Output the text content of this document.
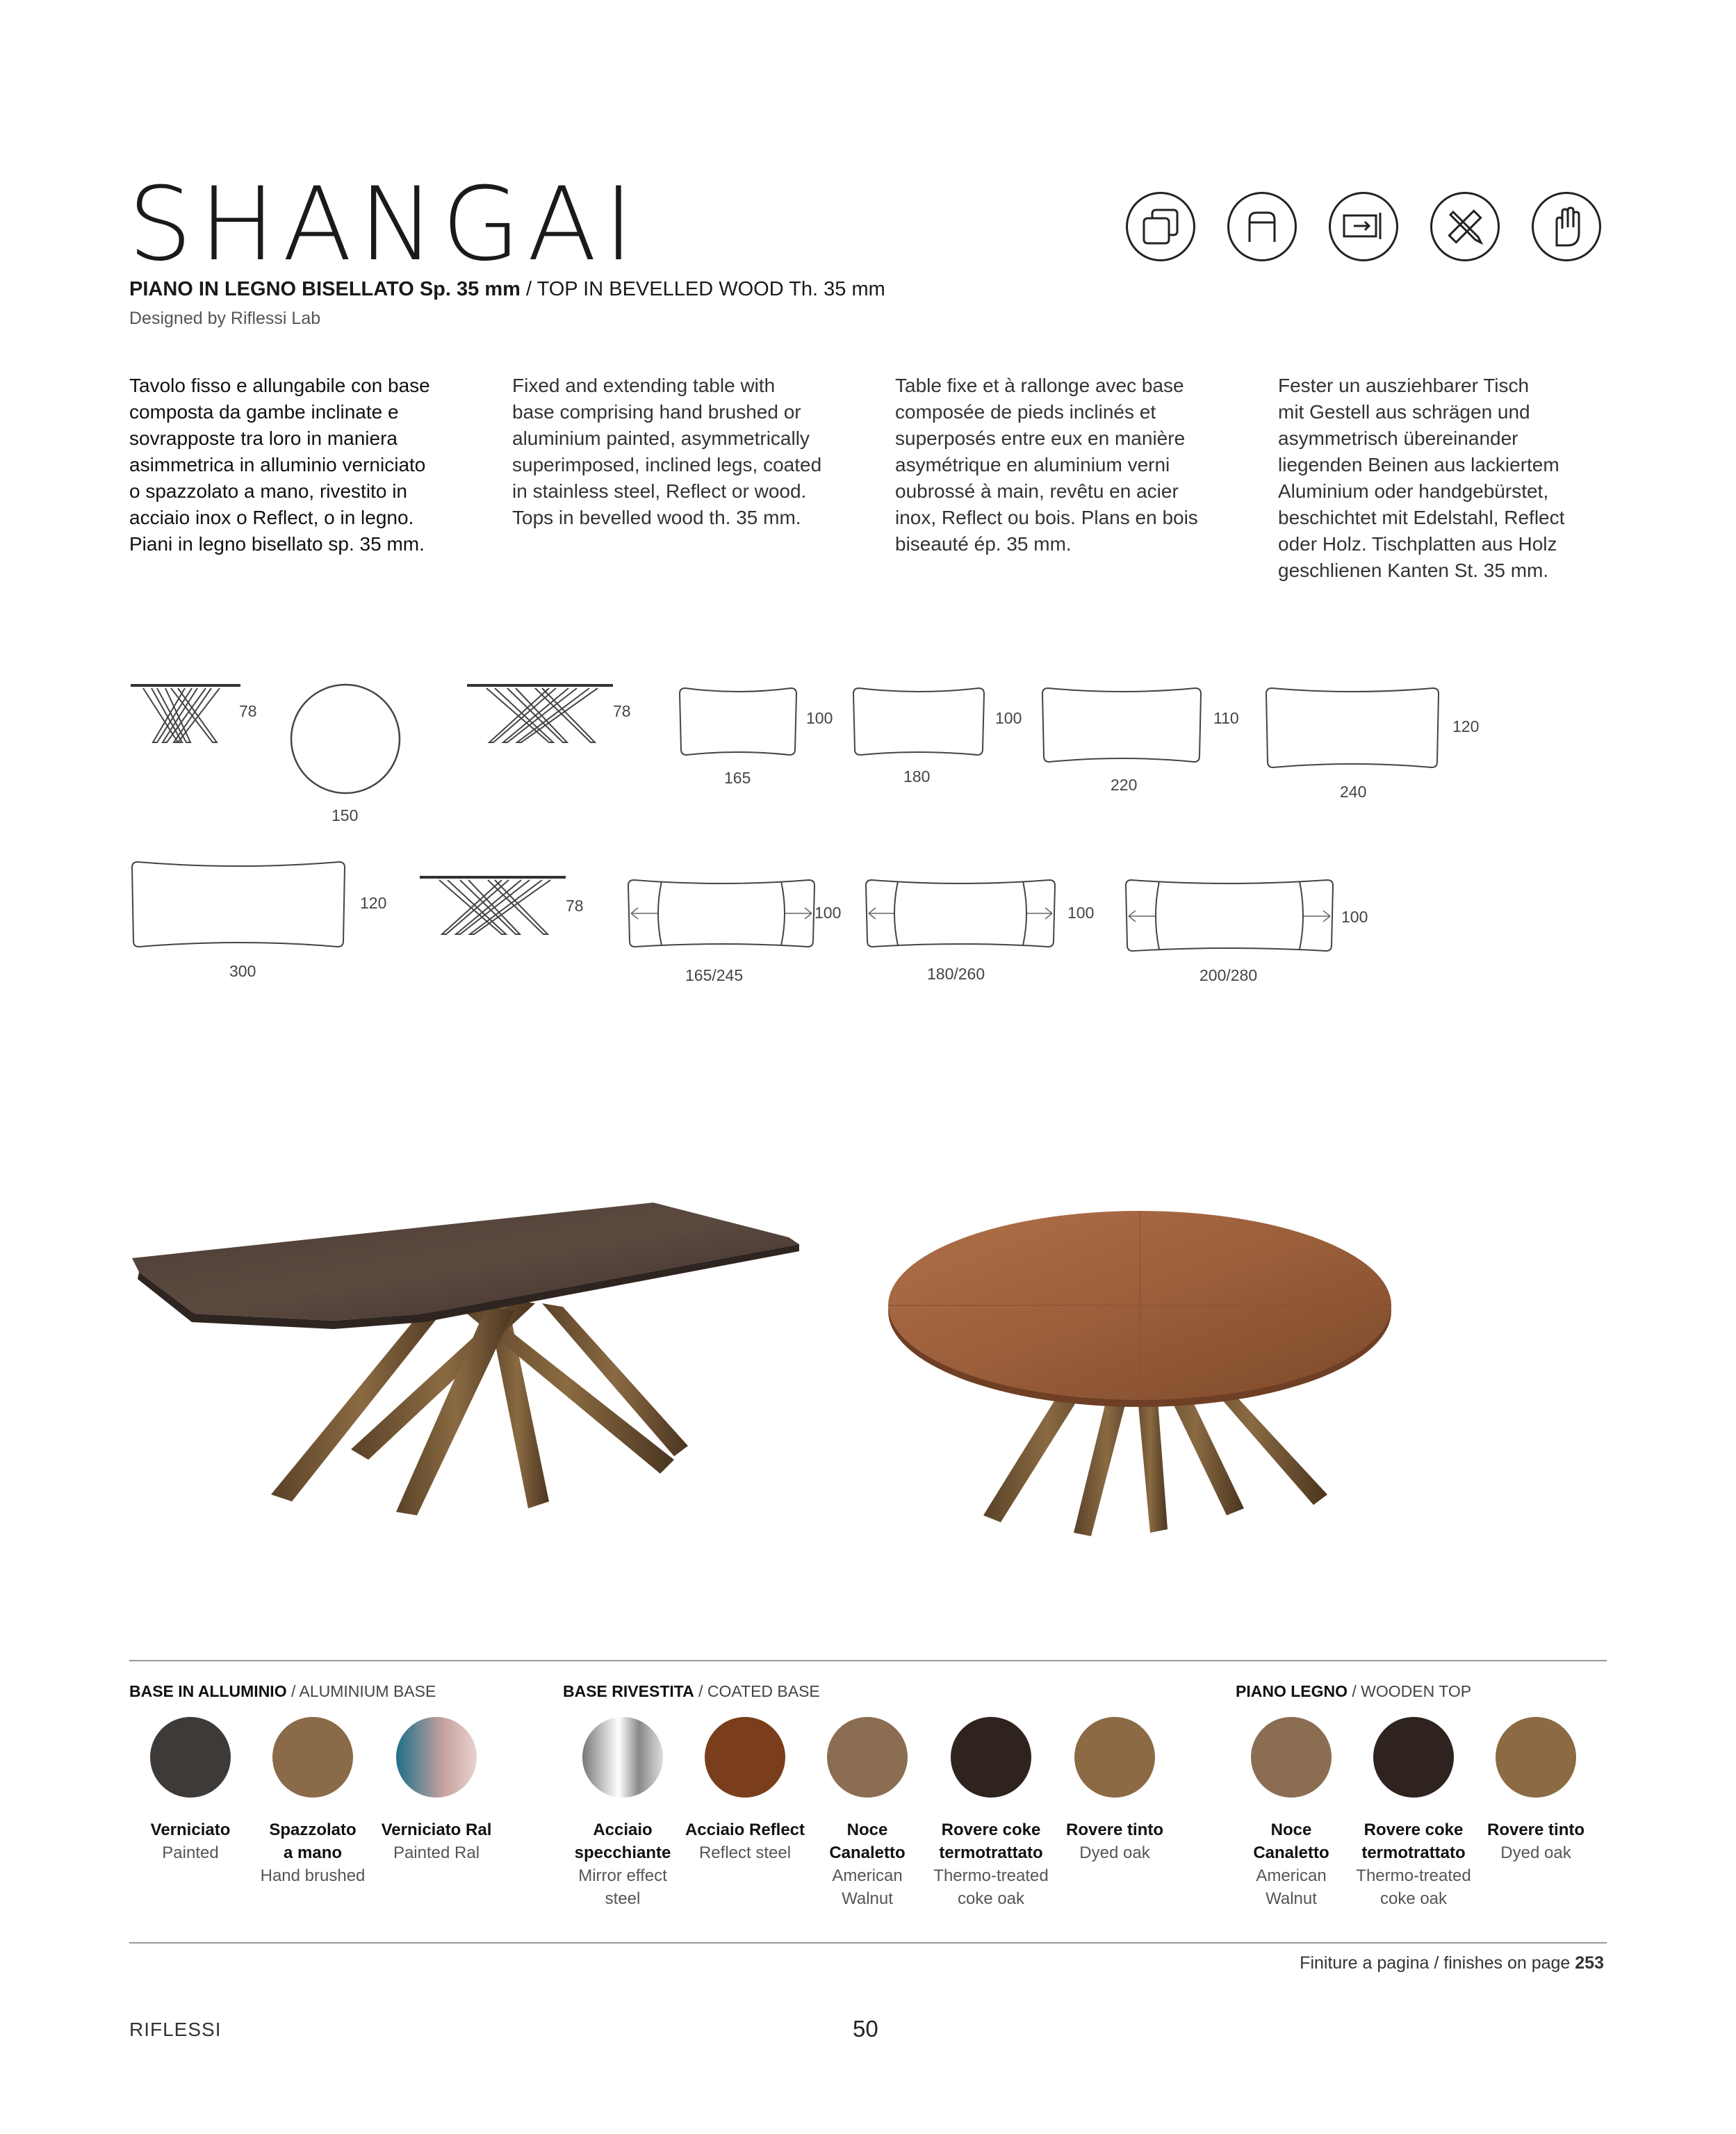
SHANGAI
PIANO IN LEGNO BISELLATO Sp. 35 mm / TOP IN BEVELLED WOOD Th. 35 mm
Designed by Riflessi Lab
Tavolo fisso e allungabile con base
composta da gambe inclinate e
sovrapposte tra loro in maniera
asimmetrica in alluminio verniciato
o spazzolato a mano, rivestito in
acciaio inox o Reflect, o in legno.
Piani in legno bisellato sp. 35 mm.
Fixed and extending table with
base comprising hand brushed or
aluminium painted, asymmetrically
superimposed, inclined legs, coated
in stainless steel, Reflect or wood.
Tops in bevelled wood th. 35 mm.
Table fixe et à rallonge avec base
composée de pieds inclinés et
superposés entre eux en manière
asymétrique en aluminium verni
oubrossé à main, revêtu en acier
inox, Reflect ou bois. Plans en bois
biseauté ép. 35 mm.
Fester un ausziehbarer Tisch
mit Gestell aus schrägen und
asymmetrisch übereinander
liegenden Beinen aus lackiertem
Aluminium oder handgebürstet,
beschichtet mit Edelstahl, Reflect
oder Holz. Tischplatten aus Holz
geschlienen Kanten St. 35 mm.
78
150
78	100
165
100
180
110
220
120
240
120
300
78	100
165/245
100
180/260
100
200/280
BASE IN ALLUMINIO / ALUMINIUM BASE	BASE RIVESTITA / COATED BASE	PIANO LEGNO / WOODEN TOP
Verniciato
Painted
Spazzolato
a mano
Hand brushed
Verniciato Ral
Painted Ral
Acciaio
specchiante
Mirror effect
steel
Acciaio Reflect
Reflect steel
Noce
Canaletto
American
Walnut
Rovere coke
termotrattato
Thermo-treated
coke oak
Rovere tinto
Dyed oak
Noce
Canaletto
American
Walnut
Rovere coke
termotrattato
Thermo-treated
coke oak
Rovere tinto
Dyed oak
Finiture a pagina / finishes on page 253
RIFLESSI	50
